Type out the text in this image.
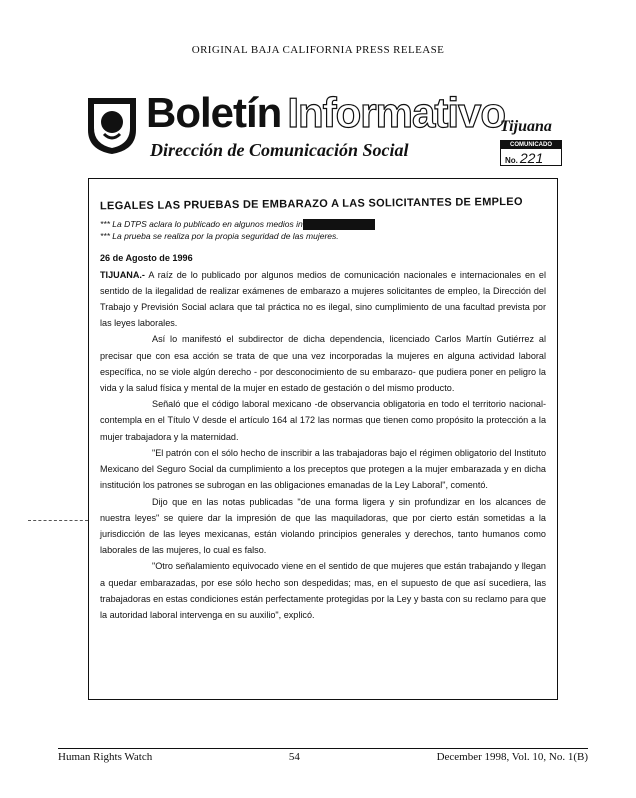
ORIGINAL BAJA CALIFORNIA PRESS RELEASE
Boletín Informativo
Dirección de Comunicación Social
Tijuana
COMUNICADO
No. 221
LEGALES LAS PRUEBAS DE EMBARAZO A LAS SOLICITANTES DE EMPLEO
*** La DTPS aclara lo publicado en algunos medios in
*** La prueba se realiza por la propia seguridad de las mujeres.
26 de Agosto de 1996

TIJUANA.- A raíz de lo publicado por algunos medios de comunicación nacionales e internacionales en el sentido de la ilegalidad de realizar exámenes de embarazo a mujeres solicitantes de empleo, la Dirección del Trabajo y Previsión Social aclara que tal práctica no es ilegal, sino cumplimiento de una facultad prevista por las leyes laborales.

Así lo manifestó el subdirector de dicha dependencia, licenciado Carlos Martín Gutiérrez al precisar que con esa acción se trata de que una vez incorporadas la mujeres en alguna actividad laboral específica, no se viole algún derecho - por desconocimiento de su embarazo- que pudiera poner en peligro la vida y la salud física y mental de la mujer en estado de gestación o del mismo producto.

Señaló que el código laboral mexicano -de observancia obligatoria en todo el territorio nacional- contempla en el Título V desde el artículo 164 al 172 las normas que tienen como propósito la protección a la mujer trabajadora y la maternidad.

"El patrón con el sólo hecho de inscribir a las trabajadoras bajo el régimen obligatorio del Instituto Mexicano del Seguro Social da cumplimiento a los preceptos que protegen a la mujer embarazada y en dicha institución los patrones se subrogan en las obligaciones emanadas de la Ley Laboral", comentó.

Dijo que en las notas publicadas "de una forma ligera y sin profundizar en los alcances de nuestra leyes" se quiere dar la impresión de que las maquiladoras, que por cierto están sometidas a la jurisdicción de las leyes mexicanas, están violando principios generales y derechos, tanto humanos como laborales de las mujeres, lo cual es falso.

"Otro señalamiento equivocado viene en el sentido de que mujeres que están trabajando y llegan a quedar embarazadas, por ese sólo hecho son despedidas; mas, en el supuesto de que así sucediera, las trabajadoras en estas condiciones están perfectamente protegidas por la Ley y basta con su reclamo para que la autoridad laboral intervenga en su auxilio", explicó.

Human Rights Watch	54	December 1998, Vol. 10, No. 1(B)
